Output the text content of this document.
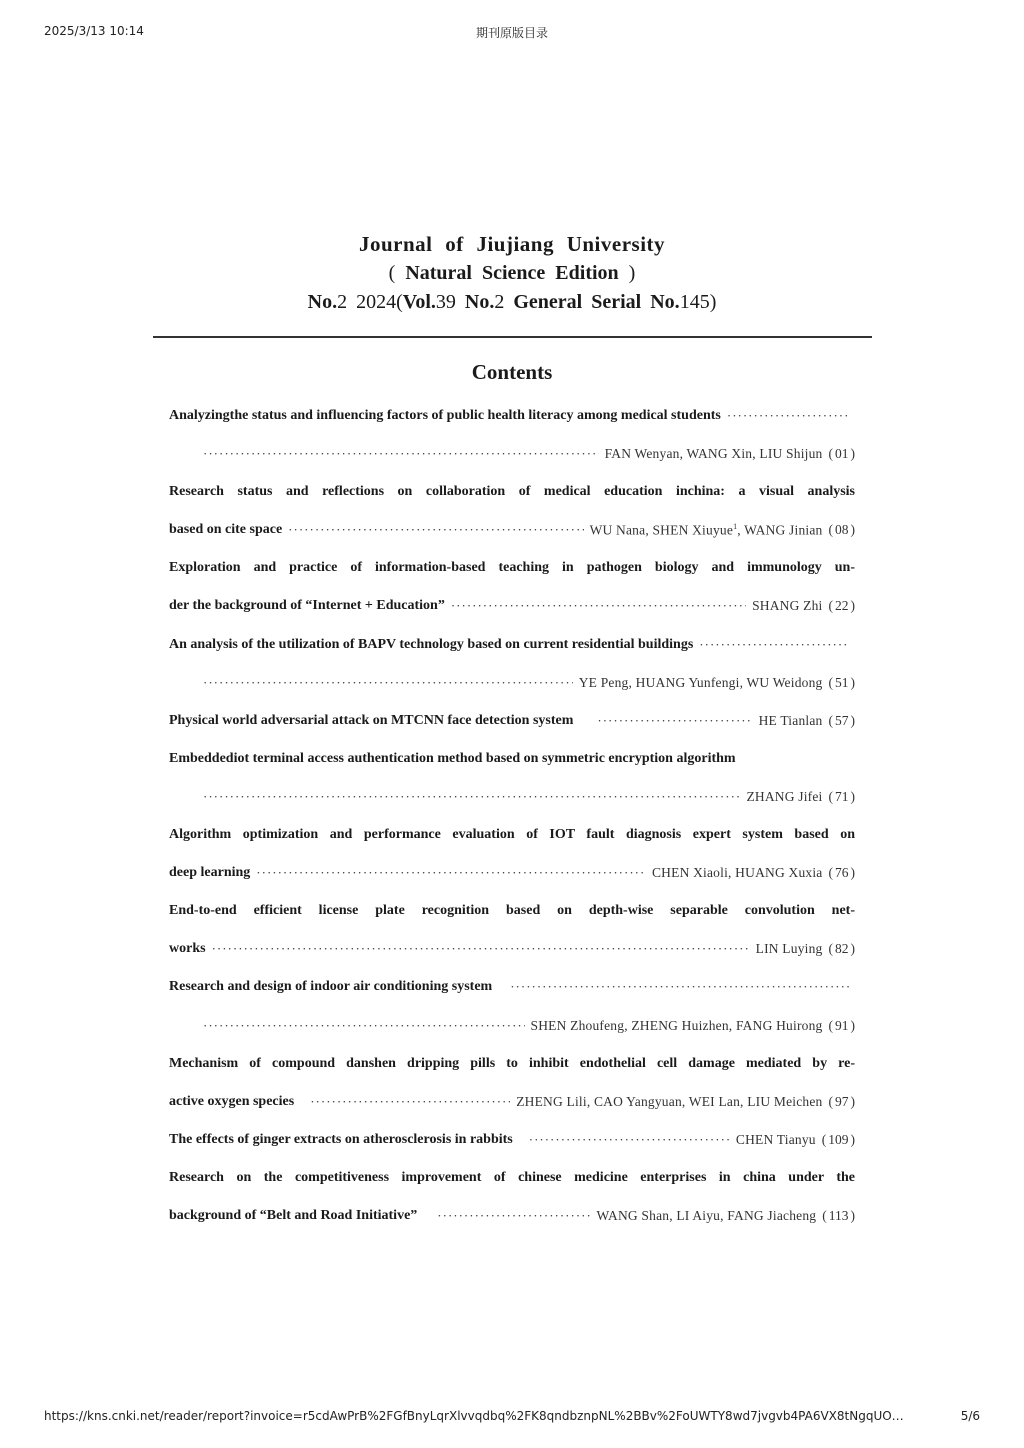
2025/3/13 10:14	期刊原版目录
Journal of Jiujiang University
( Natural Science Edition )
No.2 2024(Vol.39 No.2 General Serial No.145)
Contents
Analyzingthe status and influencing factors of public health literacy among medical students
·····
·····
FAN Wenyan, WANG Xin, LIU Shijun ( 01 )
Research status and reflections on collaboration of medical education inchina: a visual analysis
based on cite space ·····	WU Nana, SHEN Xiuyue$^1$, WANG Jinian ( 08 )
Exploration and practice of information-based teaching in pathogen biology and immunology un-
der the background of “Internet + Education” ·····	SHANG Zhi ( 22 )
An analysis of the utilization of BAPV technology based on current residential buildings
·····
·····
YE Peng, HUANG Yunfengi, WU Weidong ( 51 )
Physical world adversarial attack on MTCNN face detection system ·····	HE Tianlan ( 57 )
Embeddediot terminal access authentication method based on symmetric encryption algorithm
·····
ZHANG Jifei ( 71 )
Algorithm optimization and performance evaluation of IOT fault diagnosis expert system based on
deep learning ·····	CHEN Xiaoli, HUANG Xuxia ( 76 )
End-to-end efficient license plate recognition based on depth-wise separable convolution net-
works ·····	LIN Luying ( 82 )
Research and design of indoor air conditioning system
·····
·····
SHEN Zhoufeng, ZHENG Huizhen, FANG Huirong ( 91 )
Mechanism of compound danshen dripping pills to inhibit endothelial cell damage mediated by re-
active oxygen species ·····	ZHENG Lili, CAO Yangyuan, WEI Lan, LIU Meichen ( 97 )
The effects of ginger extracts on atherosclerosis in rabbits ·····	CHEN Tianyu ( 109 )
Research on the competitiveness improvement of chinese medicine enterprises in china under the
background of “Belt and Road Initiative” ·····	WANG Shan, LI Aiyu, FANG Jiacheng ( 113 )
https://kns.cnki.net/reader/report?invoice=r5cdAwPrB%2FGfBnyLqrXlvvqdbq%2FK8qndbznpNL%2BBv%2FoUWTY8wd7jvgvb4PA6VX8tNgqUO…	5/6
